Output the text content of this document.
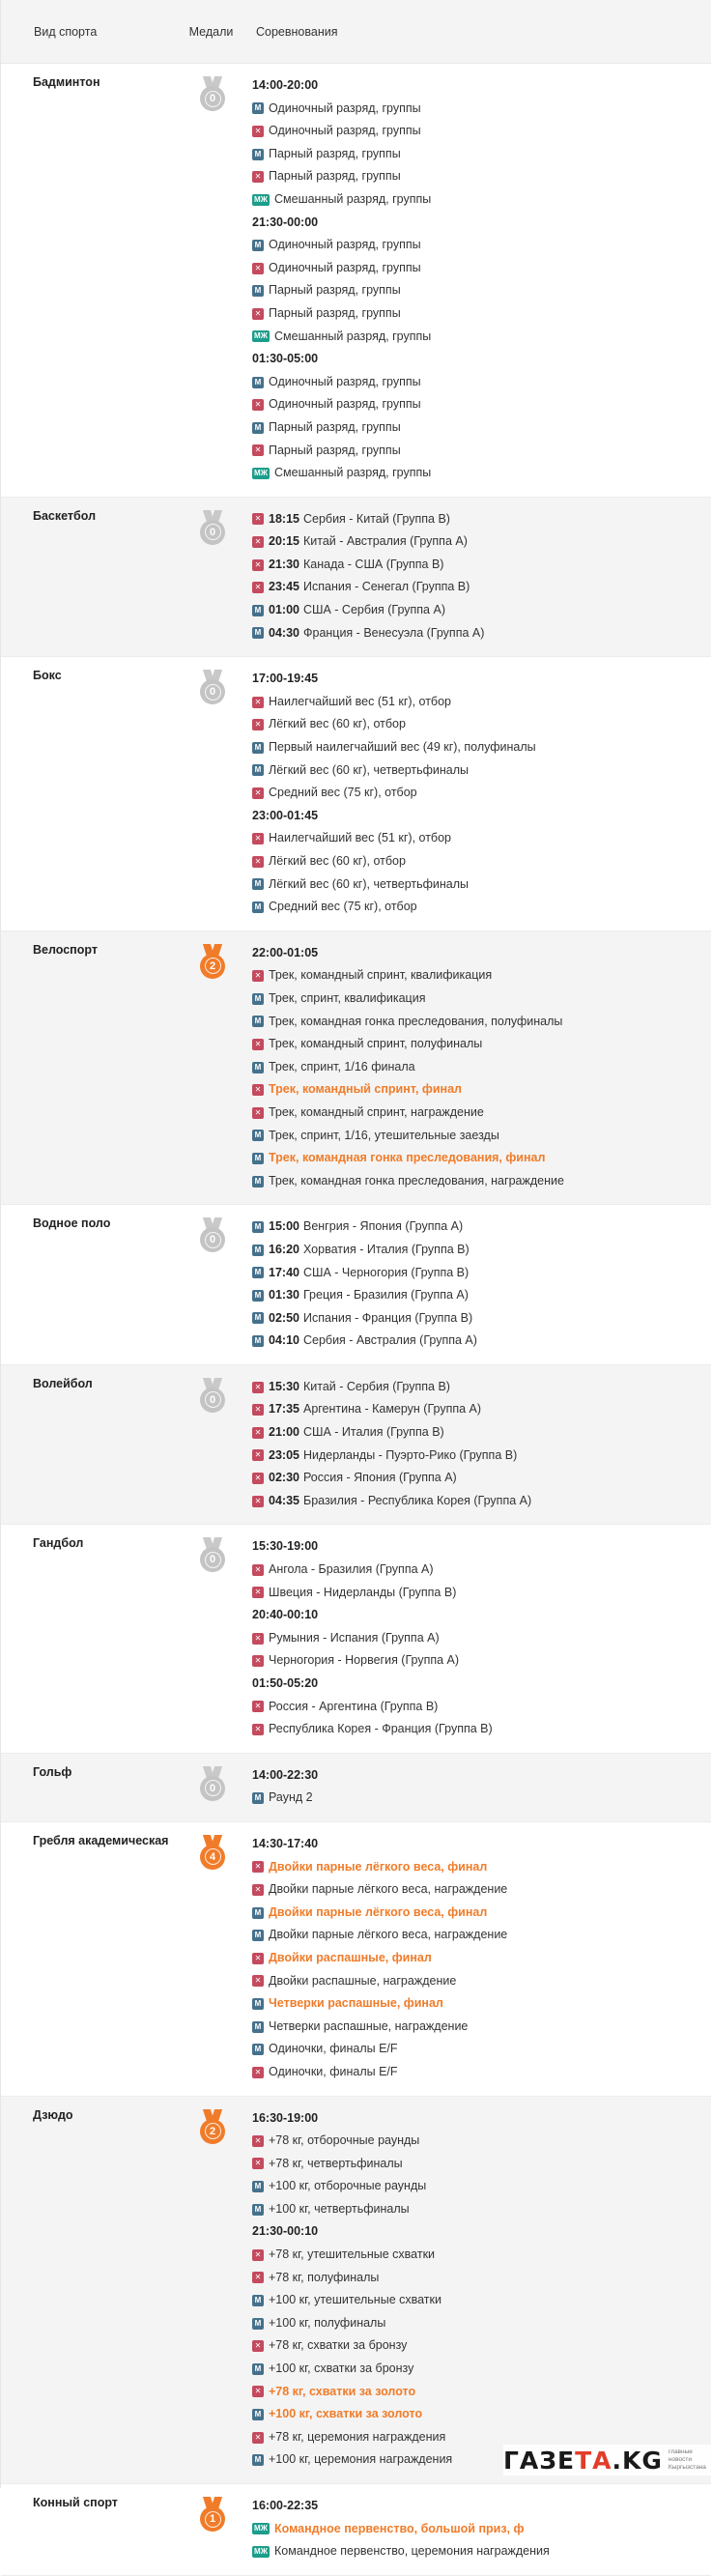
Вид спорта	Медали	Соревнования
Бадминтон
0
14:00-20:00
M Одиночный разряд, группы
✕ Одиночный разряд, группы
M Парный разряд, группы
✕ Парный разряд, группы
MЖ Смешанный разряд, группы
21:30-00:00
M Одиночный разряд, группы
✕ Одиночный разряд, группы
M Парный разряд, группы
✕ Парный разряд, группы
MЖ Смешанный разряд, группы
01:30-05:00
M Одиночный разряд, группы
✕ Одиночный разряд, группы
M Парный разряд, группы
✕ Парный разряд, группы
MЖ Смешанный разряд, группы
Баскетбол
0
✕ 18:15 Сербия - Китай (Группа B)
✕ 20:15 Китай - Австралия (Группа A)
✕ 21:30 Канада - США (Группа B)
✕ 23:45 Испания - Сенегал (Группа B)
M 01:00 США - Сербия (Группа A)
M 04:30 Франция - Венесуэла (Группа A)
Бокс
0
17:00-19:45
✕ Наилегчайший вес (51 кг), отбор
✕ Лёгкий вес (60 кг), отбор
M Первый наилегчайший вес (49 кг), полуфиналы
M Лёгкий вес (60 кг), четвертьфиналы
✕ Средний вес (75 кг), отбор
23:00-01:45
✕ Наилегчайший вес (51 кг), отбор
✕ Лёгкий вес (60 кг), отбор
M Лёгкий вес (60 кг), четвертьфиналы
M Средний вес (75 кг), отбор
Велоспорт
2
22:00-01:05
✕ Трек, командный спринт, квалификация
M Трек, спринт, квалификация
M Трек, командная гонка преследования, полуфиналы
✕ Трек, командный спринт, полуфиналы
M Трек, спринт, 1/16 финала
✕ Трек, командный спринт, финал
✕ Трек, командный спринт, награждение
M Трек, спринт, 1/16, утешительные заезды
M Трек, командная гонка преследования, финал
M Трек, командная гонка преследования, награждение
Водное поло
0
M 15:00 Венгрия - Япония (Группа A)
M 16:20 Хорватия - Италия (Группа B)
M 17:40 США - Черногория (Группа B)
M 01:30 Греция - Бразилия (Группа A)
M 02:50 Испания - Франция (Группа B)
M 04:10 Сербия - Австралия (Группа A)
Волейбол
0
✕ 15:30 Китай - Сербия (Группа B)
✕ 17:35 Аргентина - Камерун (Группа A)
✕ 21:00 США - Италия (Группа B)
✕ 23:05 Нидерланды - Пуэрто-Рико (Группа B)
✕ 02:30 Россия - Япония (Группа A)
✕ 04:35 Бразилия - Республика Корея (Группа A)
Гандбол
0
15:30-19:00
✕ Ангола - Бразилия (Группа A)
✕ Швеция - Нидерланды (Группа B)
20:40-00:10
✕ Румыния - Испания (Группа A)
✕ Черногория - Норвегия (Группа A)
01:50-05:20
✕ Россия - Аргентина (Группа B)
✕ Республика Корея - Франция (Группа B)
Гольф
0
14:00-22:30
M Раунд 2
Гребля академическая
4
14:30-17:40
✕ Двойки парные лёгкого веса, финал
✕ Двойки парные лёгкого веса, награждение
M Двойки парные лёгкого веса, финал
M Двойки парные лёгкого веса, награждение
✕ Двойки распашные, финал
✕ Двойки распашные, награждение
M Четверки распашные, финал
M Четверки распашные, награждение
M Одиночки, финалы E/F
✕ Одиночки, финалы E/F
Дзюдо
2
16:30-19:00
✕ +78 кг, отборочные раунды
✕ +78 кг, четвертьфиналы
M +100 кг, отборочные раунды
M +100 кг, четвертьфиналы
21:30-00:10
✕ +78 кг, утешительные схватки
✕ +78 кг, полуфиналы
M +100 кг, утешительные схватки
M +100 кг, полуфиналы
✕ +78 кг, схватки за бронзу
M +100 кг, схватки за бронзу
✕ +78 кг, схватки за золото
M +100 кг, схватки за золото
✕ +78 кг, церемония награждения
M +100 кг, церемония награждения
Конный спорт
1
16:00-22:35
MЖ Командное первенство, большой приз, ф
MЖ Командное первенство, церемония награждения
ГАЗЕТА.KG главные новости Кыргызстана
